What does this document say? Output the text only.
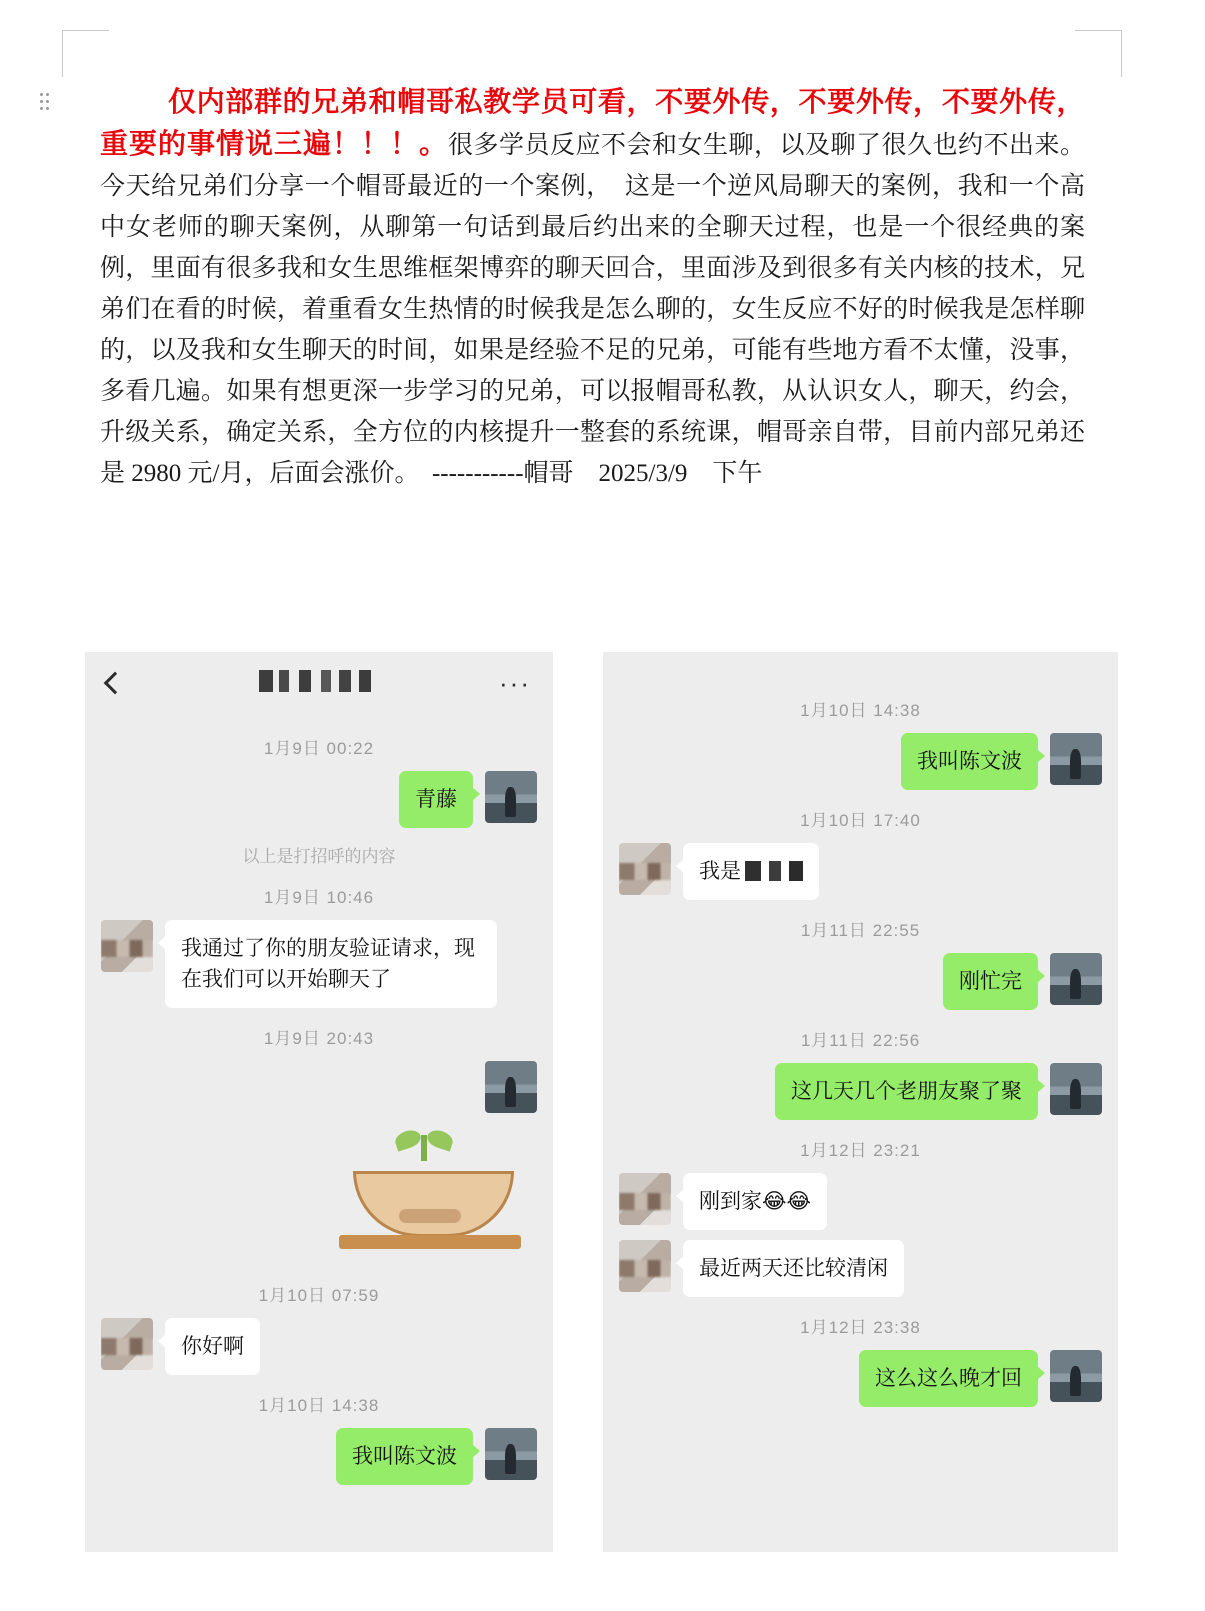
仅内部群的兄弟和帽哥私教学员可看，不要外传，不要外传，不要外传，重要的事情说三遍！！！。很多学员反应不会和女生聊，以及聊了很久也约不出来。今天给兄弟们分享一个帽哥最近的一个案例，　这是一个逆风局聊天的案例，我和一个高中女老师的聊天案例，从聊第一句话到最后约出来的全聊天过程，也是一个很经典的案例，里面有很多我和女生思维框架博弈的聊天回合，里面涉及到很多有关内核的技术，兄弟们在看的时候，着重看女生热情的时候我是怎么聊的，女生反应不好的时候我是怎样聊的，以及我和女生聊天的时间，如果是经验不足的兄弟，可能有些地方看不太懂，没事，多看几遍。如果有想更深一步学习的兄弟，可以报帽哥私教，从认识女人，聊天，约会，升级关系，确定关系，全方位的内核提升一整套的系统课，帽哥亲自带，目前内部兄弟还是 2980 元/月，后面会涨价。　-----------帽哥　2025/3/9　下午

···
1月9日 00:22
青藤
以上是打招呼的内容
1月9日 10:46
我通过了你的朋友验证请求，现在我们可以开始聊天了
1月9日 20:43
1月10日 07:59
你好啊
1月10日 14:38
我叫陈文波
1月10日 14:38
我叫陈文波
1月10日 17:40
我是
1月11日 22:55
刚忙完
1月11日 22:56
这几天几个老朋友聚了聚
1月12日 23:21
刚到家😂😂
最近两天还比较清闲
1月12日 23:38
这么这么晚才回
